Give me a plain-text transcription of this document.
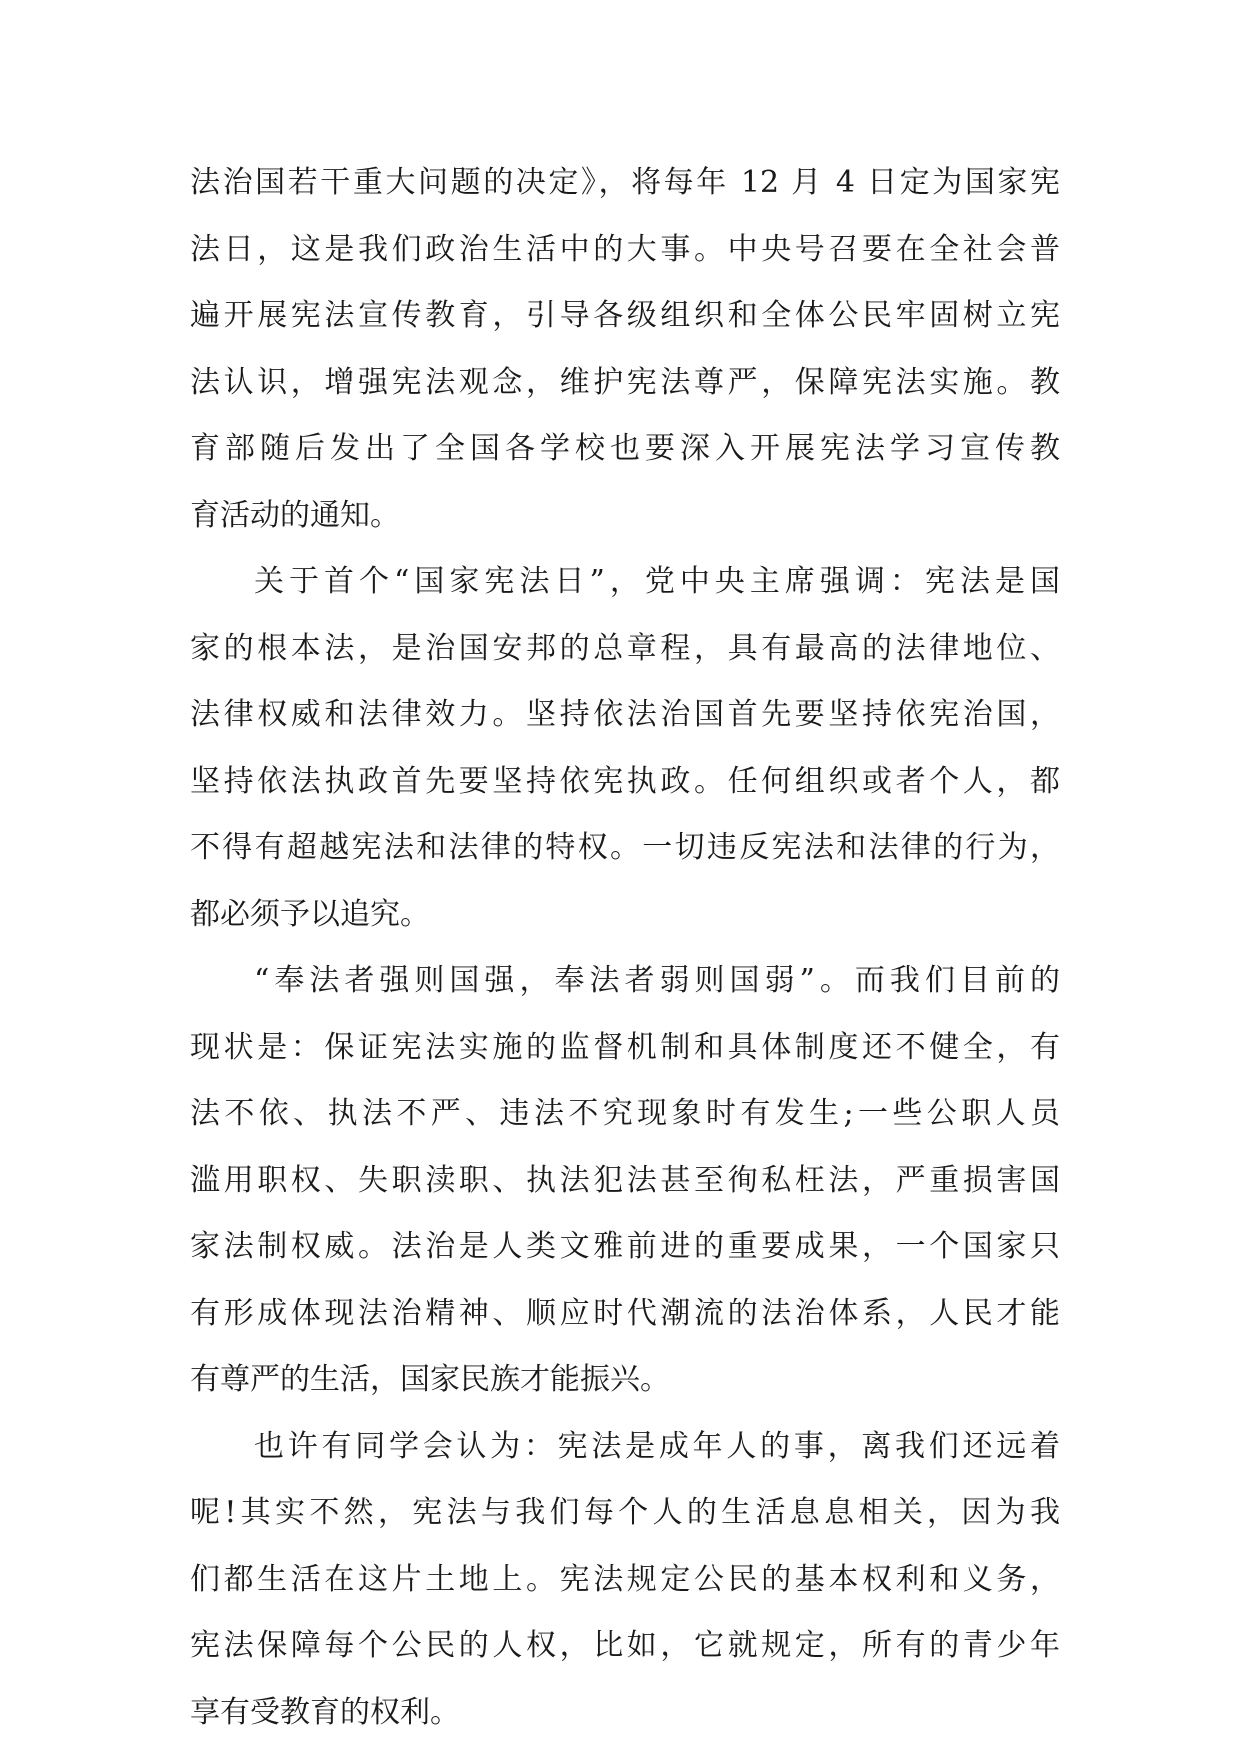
法治国若干重大问题的决定》，将每年 12 月 4 日定为国家宪
法日，这是我们政治生活中的大事。中央号召要在全社会普
遍开展宪法宣传教育，引导各级组织和全体公民牢固树立宪
法认识，增强宪法观念，维护宪法尊严，保障宪法实施。教
育部随后发出了全国各学校也要深入开展宪法学习宣传教
育活动的通知。
关于首个“国家宪法日”，党中央主席强调：宪法是国
家的根本法，是治国安邦的总章程，具有最高的法律地位、
法律权威和法律效力。坚持依法治国首先要坚持依宪治国，
坚持依法执政首先要坚持依宪执政。任何组织或者个人，都
不得有超越宪法和法律的特权。一切违反宪法和法律的行为，
都必须予以追究。
“奉法者强则国强，奉法者弱则国弱”。而我们目前的
现状是：保证宪法实施的监督机制和具体制度还不健全，有
法不依、执法不严、违法不究现象时有发生;一些公职人员
滥用职权、失职渎职、执法犯法甚至徇私枉法，严重损害国
家法制权威。法治是人类文雅前进的重要成果，一个国家只
有形成体现法治精神、顺应时代潮流的法治体系，人民才能
有尊严的生活，国家民族才能振兴。
也许有同学会认为：宪法是成年人的事，离我们还远着
呢!其实不然，宪法与我们每个人的生活息息相关，因为我
们都生活在这片土地上。宪法规定公民的基本权利和义务，
宪法保障每个公民的人权，比如，它就规定，所有的青少年
享有受教育的权利。
